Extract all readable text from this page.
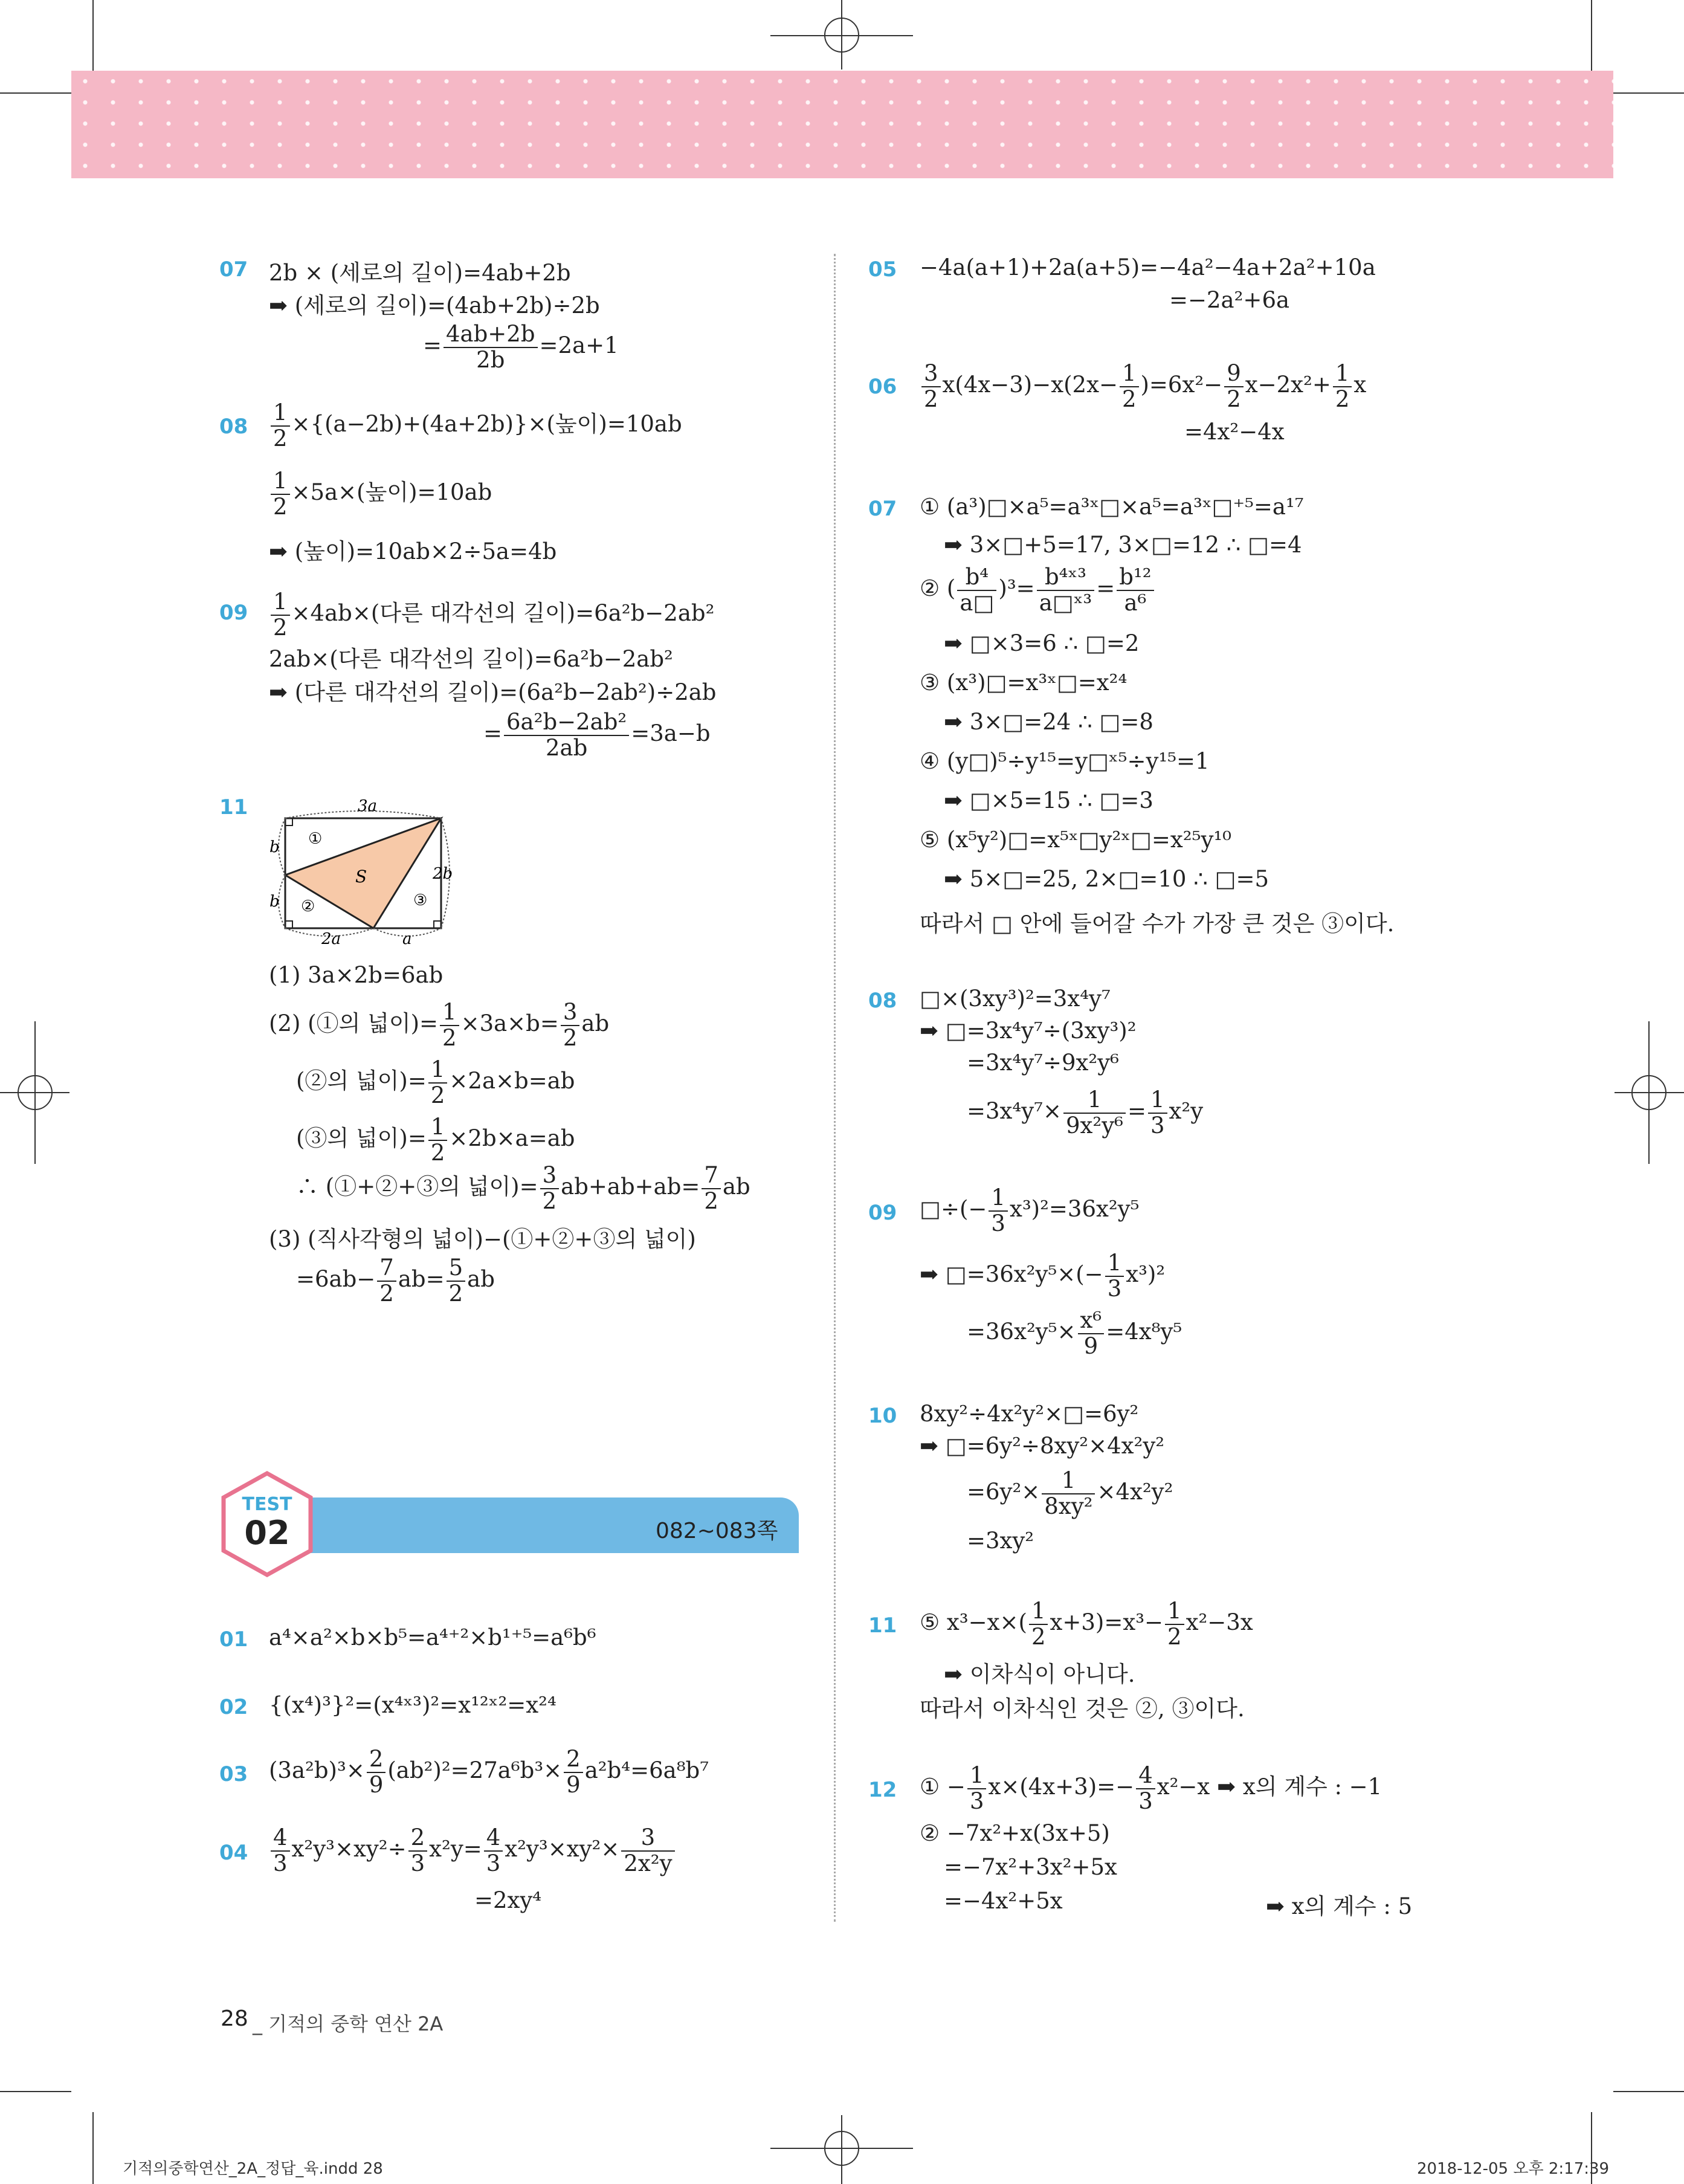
07 2b × (세로의 길이)=4ab+2b
➡ (세로의 길이)=(4ab+2b)÷2b
= $\frac{4ab+2b}{2b} =2a+1$
$08 \frac{1}{2} \times\{(a-2b)+(4a+2b)\}\times$(높이)=10ab
$\frac{1}{2} \times 5a\times$(높이)=10ab
➡ (높이)=10ab×2÷5a=4b
$09 \frac{1}{2} \times 4ab\times$(다른 대각선의 길이)=6a²b−2ab²
2ab×(다른 대각선의 길이)=6a²b−2ab²
➡ (다른 대각선의 길이)=(6a²b−2ab²)÷2ab
= $\frac{\text{6a²b−2ab²}}{2ab} =3a-b$
11	3a
b
b
2b
2a	a
①
②	③
S
(1) 3a×2b=6ab
(2) (①의 넓이)= $\frac{1}{2} \times 3a\times b= \frac{3}{2}$ ab
(②의 넓이)= $\frac{1}{2} \times 2a\times b=ab$
(③의 넓이)= $\frac{1}{2} \times 2b\times a=ab$
∴ (①+②+③의 넓이)= $\frac{3}{2} ab+ab+ab= \frac{7}{2}$ ab
(3) (직사각형의 넓이)−(①+②+③의 넓이)
$=6ab- \frac{7}{2} ab= \frac{5}{2}$ ab
TEST
02	082~083쪽
01 a⁴×a²×b×b⁵=a⁴⁺²×b¹⁺⁵=a⁶b⁶
02 {(x⁴)³}²=(x⁴ˣ³)²=x¹²ˣ²=x²⁴
03 $(3a^2b)^3\times \frac{2}{9} (ab^2)^2=27a^6b^3\times \frac{2}{9} a^2b^4=6a^8b^7$
$04 \frac{4}{3} x^2y^3\times xy^2\div \frac{2}{3} x^2y= \frac{4}{3} x^2y^3\times xy^2\times \frac{3}{\text{2x²y}}$
=2xy⁴
05 −4a(a+1)+2a(a+5)=−4a²−4a+2a²+10a
=−2a²+6a
$06 \frac{3}{2} x(4x-3)-x(2x- \frac{1}{2} )=6x^2- \frac{9}{2} x-2x^2+ \frac{1}{2}$ x
=4x²−4x
07 ① (a³)□×a⁵=a³ˣ□×a⁵=a³ˣ□⁺⁵=a¹⁷
➡ 3×□+5=17, 3×□=12 ∴ □=4
② ( $\frac{\text{b⁴}}{a□} )^3= \frac{\text{b⁴ˣ³}}{\text{a□ˣ³}} = \frac{\text{b¹²}}{\text{a⁶}}$
➡ □×3=6 ∴ □=2
③ (x³)□=x³ˣ□=x²⁴
➡ 3×□=24 ∴ □=8
④ (y□)⁵÷y¹⁵=y□ˣ⁵÷y¹⁵=1
➡ □×5=15 ∴ □=3
⑤ (x⁵y²)□=x⁵ˣ□y²ˣ□=x²⁵y¹⁰
➡ 5×□=25, 2×□=10 ∴ □=5
따라서 □ 안에 들어갈 수가 가장 큰 것은 ③이다.
08 □×(3xy³)²=3x⁴y⁷
➡ □=3x⁴y⁷÷(3xy³)²
=3x⁴y⁷÷9x²y⁶
$=3x^4y^7\times \frac{1}{\text{9x²y⁶}} = \frac{1}{3} x^2y$
09 □÷(− $\frac{1}{3} x^3)^2=36x^2y^5$
➡ □=36x²y⁵×(− $\frac{1}{3} x^3)^2$
$=36x^2y^5\times \frac{\text{x⁶}}{9} =4x^8y^5$
10 8xy²÷4x²y²×□=6y²
➡ □=6y²÷8xy²×4x²y²
$=6y^2\times \frac{1}{\text{8xy²}} \times 4x^2y^2$
=3xy²
11 ⑤ $x^3-x\times( \frac{1}{2} x+3)=x^3- \frac{1}{2} x^2-3x$
➡ 이차식이 아니다.
따라서 이차식인 것은 ②, ③이다.
12 ① − $\frac{1}{3} x\times(4x+3)=- \frac{4}{3} x^2-x$ ➡ x의 계수 : −1
② −7x²+x(3x+5)
=−7x²+3x²+5x
=−4x²+5x	➡ x의 계수 : 5
28 _ 기적의 중학 연산 2A
기적의중학연산_2A_정답_육.indd 28	2018-12-05 오후 2:17:39
